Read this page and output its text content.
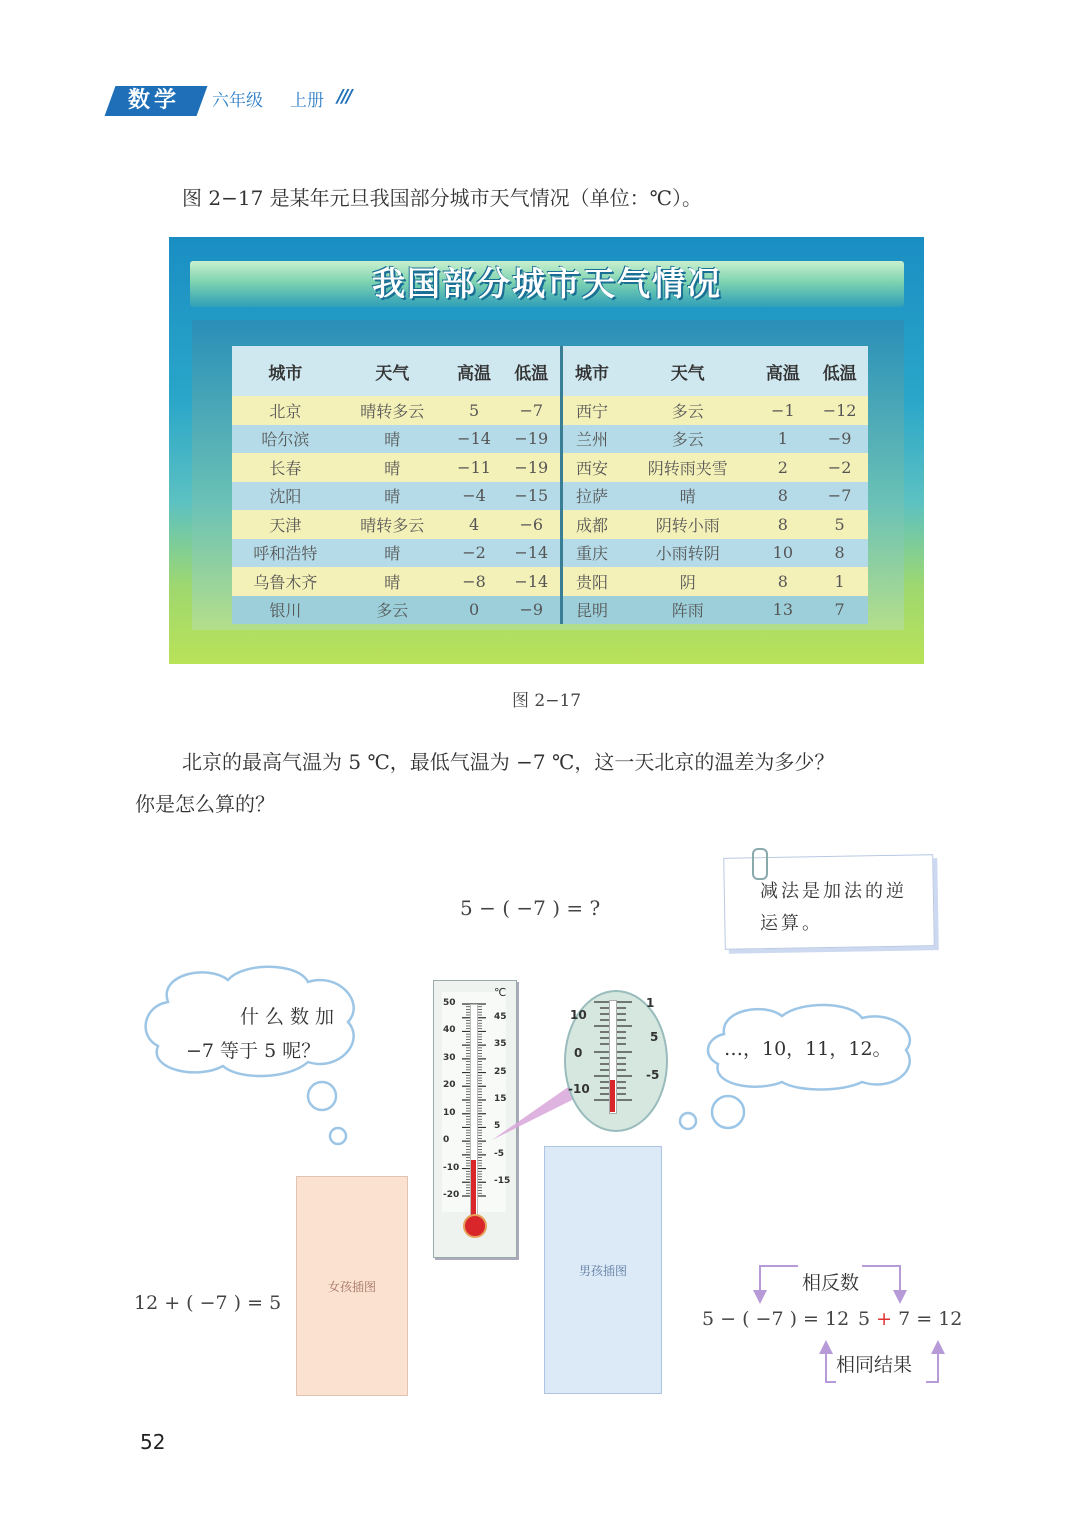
数学 六年级 上册 ///
图 2−17 是某年元旦我国部分城市天气情况（单位：℃）。
我国部分城市天气情况
城市	天气	高温	低温	城市	天气	高温	低温
北京	晴转多云	5	−7	西宁	多云	−1	−12
哈尔滨	晴	−14	−19	兰州	多云	1	−9
长春	晴	−11	−19	西安	阴转雨夹雪	2	−2
沈阳	晴	−4	−15	拉萨	晴	8	−7
天津	晴转多云	4	−6	成都	阴转小雨	8	5
呼和浩特	晴	−2	−14	重庆	小雨转阴	10	8
乌鲁木齐	晴	−8	−14	贵阳	阴	8	1
银川	多云	0	−9	昆明	阵雨	13	7
图 2−17
北京的最高气温为 5 ℃，最低气温为 −7 ℃，这一天北京的温差为多少？
你是怎么算的？
5 − ( −7 ) = ?
减法是加法的逆运算。
什么数加
−7 等于 5 呢？	…，10，11，12。
℃
50
40
30
20
10
0
-10
-20
45
35
25
15
5
-5
-15
10
0
-10
1
5
-5
女孩插图
男孩插图
12 + ( −7 ) = 5
相反数
5 − ( −7 ) = 12 5 + 7 = 12
相同结果
52
